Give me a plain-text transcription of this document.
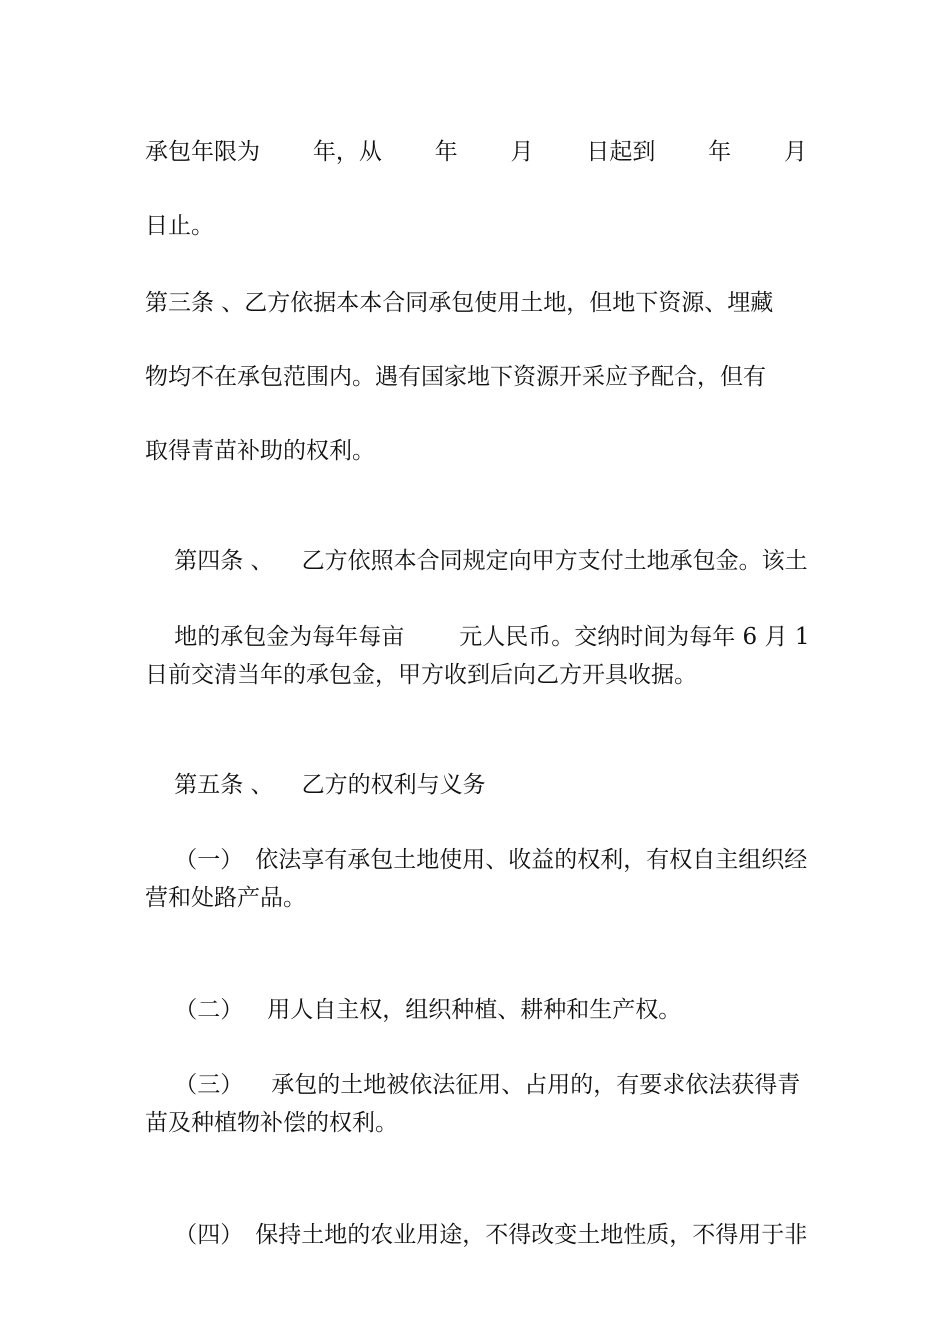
承包年限为 年，从 年 月 日起到 年 月

日止。

第三条 、乙方依据本本合同承包使用土地，但地下资源、埋藏

物均不在承包范围内。遇有国家地下资源开采应予配合，但有

取得青苗补助的权利。

第四条 、 乙方依照本合同规定向甲方支付土地承包金。该土

地的承包金为每年每亩 元人民币。交纳时间为每年 6 月 1

日前交清当年的承包金，甲方收到后向乙方开具收据。

第五条 、 乙方的权利与义务

（一） 依法享有承包土地使用、收益的权利，有权自主组织经

营和处路产品。

（二） 用人自主权，组织种植、耕种和生产权。

（三） 承包的土地被依法征用、占用的，有要求依法获得青

苗及种植物补偿的权利。

（四） 保持土地的农业用途，不得改变土地性质，不得用于非
